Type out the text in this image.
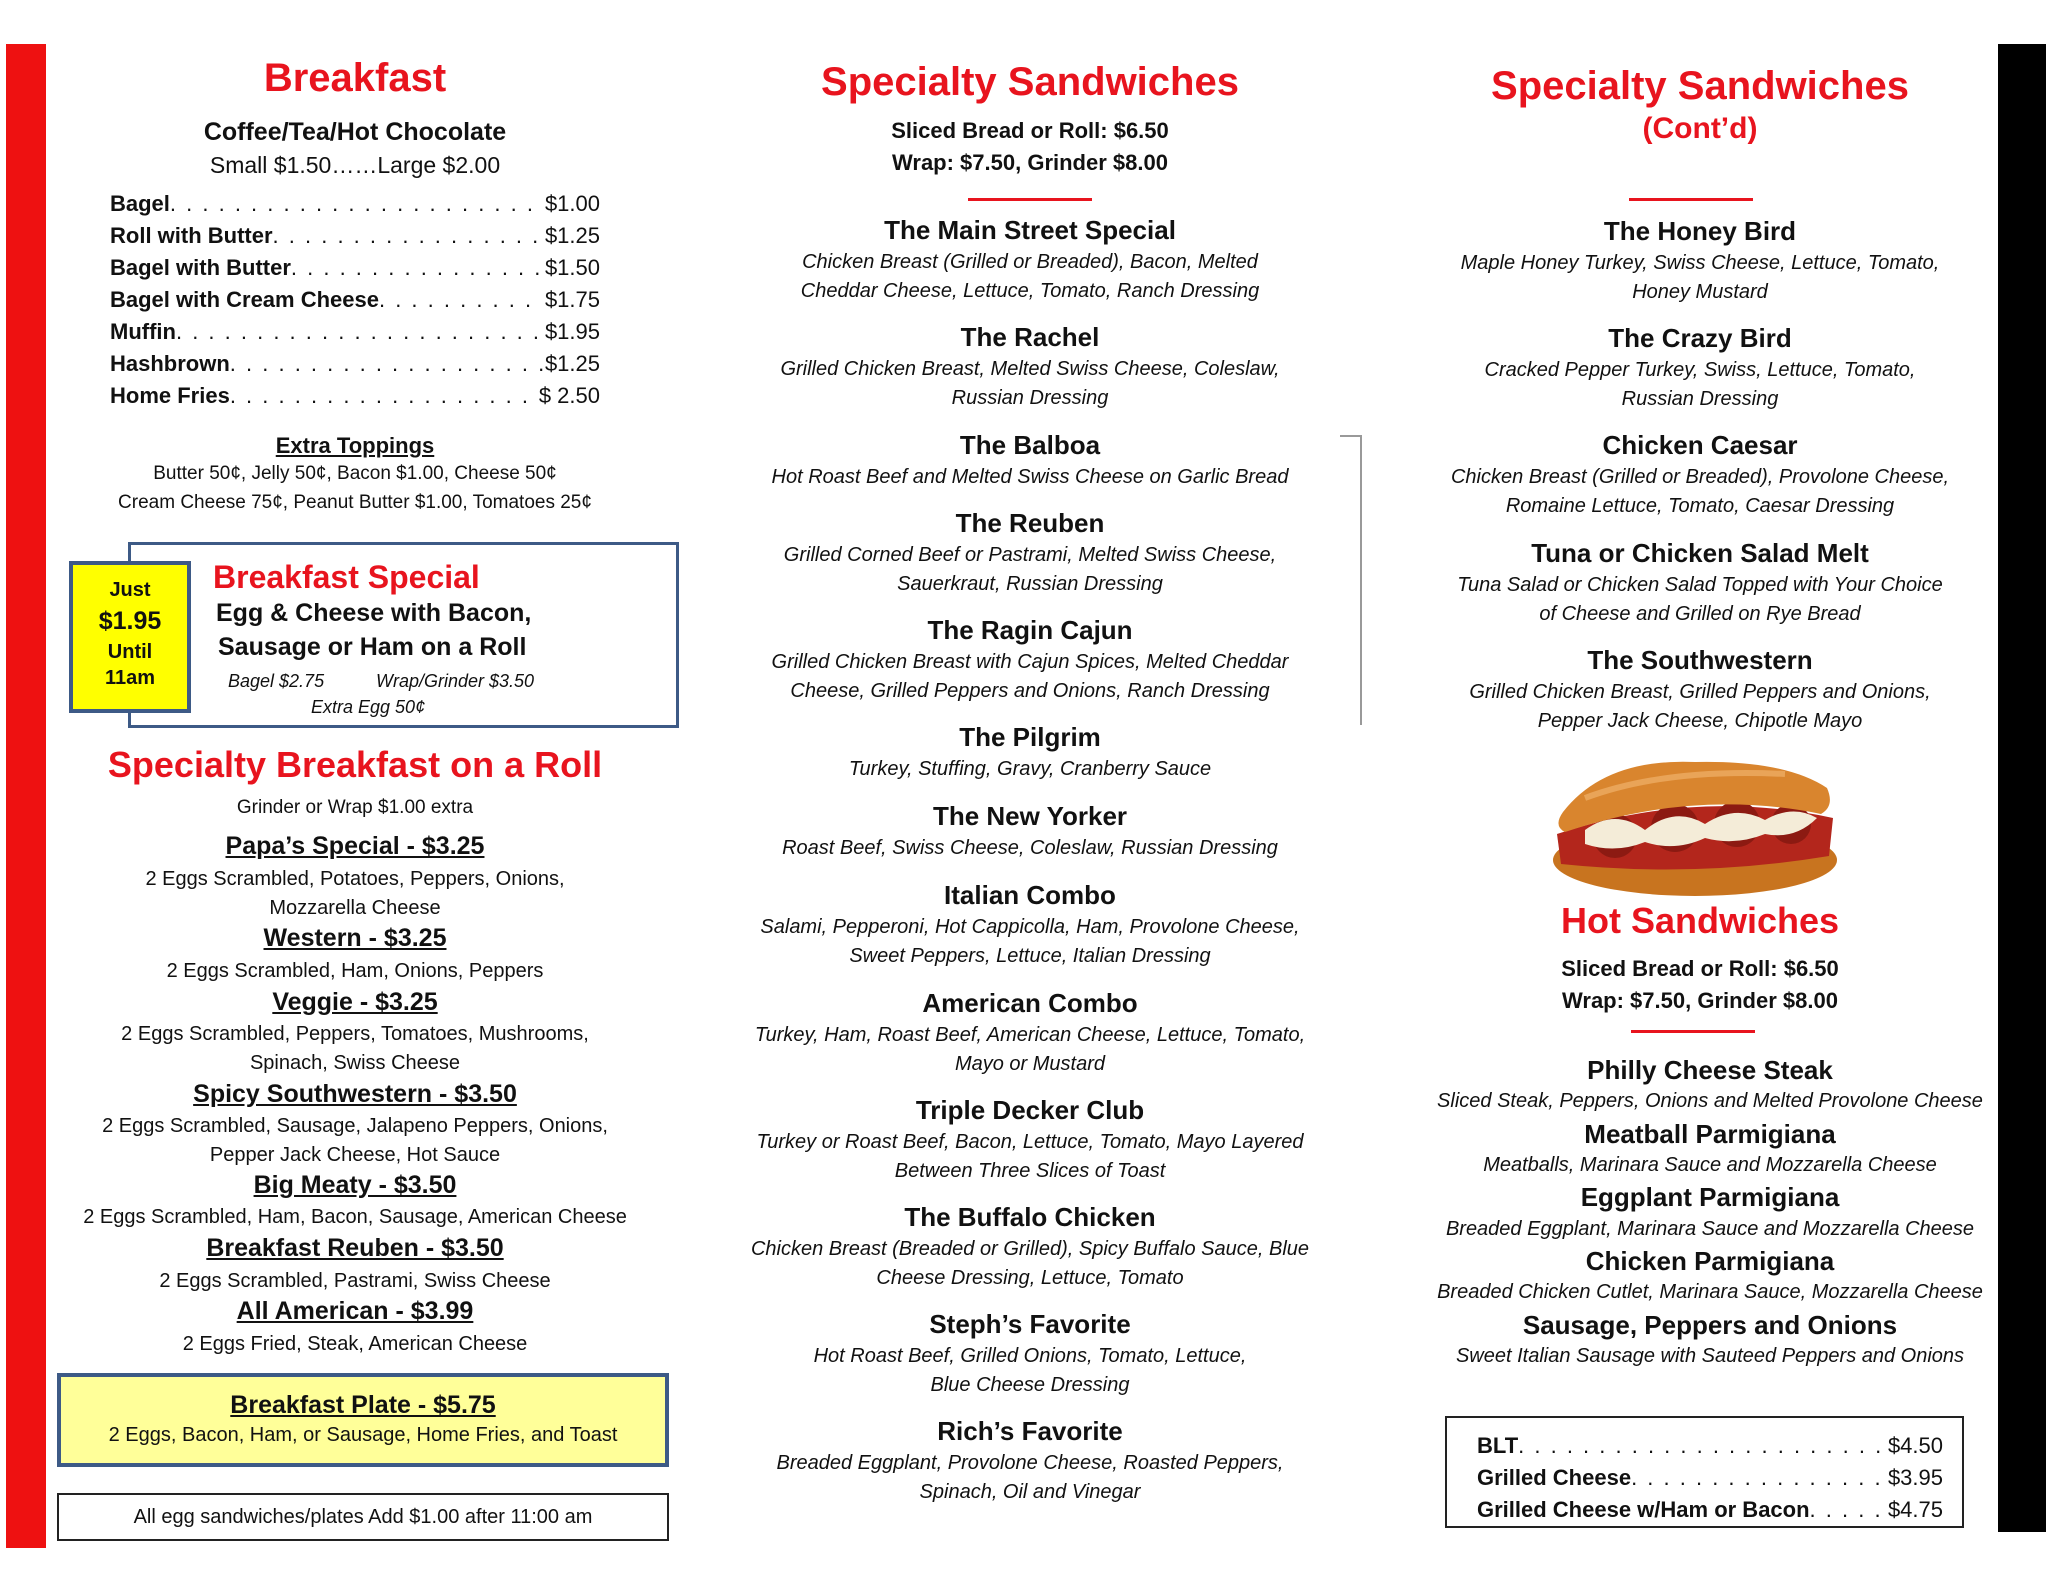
Breakfast
Coffee/Tea/Hot Chocolate
Small $1.50……Large $2.00
Bagel . . .	$1.00
Roll with Butter . . .	$1.25
Bagel with Butter . . .	$1.50
Bagel with Cream Cheese . . .	$1.75
Muffin . . .	$1.95
Hashbrown . . .	$1.25
Home Fries . . .	$ 2.50
Extra Toppings
Butter 50¢, Jelly 50¢, Bacon $1.00, Cheese 50¢
Cream Cheese 75¢, Peanut Butter $1.00, Tomatoes 25¢
Breakfast Special
Egg & Cheese with Bacon,
Sausage or Ham on a Roll
Bagel $2.75	Wrap/Grinder $3.50
Extra Egg 50¢
Just
$1.95
Until
11am
Specialty Breakfast on a Roll
Grinder or Wrap $1.00 extra
Papa’s Special - $3.25
2 Eggs Scrambled, Potatoes, Peppers, Onions,
Mozzarella Cheese
Western - $3.25
2 Eggs Scrambled, Ham, Onions, Peppers
Veggie - $3.25
2 Eggs Scrambled, Peppers, Tomatoes, Mushrooms,
Spinach, Swiss Cheese
Spicy Southwestern - $3.50
2 Eggs Scrambled, Sausage, Jalapeno Peppers, Onions,
Pepper Jack Cheese, Hot Sauce
Big Meaty - $3.50
2 Eggs Scrambled, Ham, Bacon, Sausage, American Cheese
Breakfast Reuben - $3.50
2 Eggs Scrambled, Pastrami, Swiss Cheese
All American - $3.99
2 Eggs Fried, Steak, American Cheese
Breakfast Plate - $5.75
2 Eggs, Bacon, Ham, or Sausage, Home Fries, and Toast
All egg sandwiches/plates Add $1.00 after 11:00 am
Specialty Sandwiches
Sliced Bread or Roll: $6.50
Wrap: $7.50, Grinder $8.00
The Main Street Special
Chicken Breast (Grilled or Breaded), Bacon, Melted
Cheddar Cheese, Lettuce, Tomato, Ranch Dressing
The Rachel
Grilled Chicken Breast, Melted Swiss Cheese, Coleslaw,
Russian Dressing
The Balboa
Hot Roast Beef and Melted Swiss Cheese on Garlic Bread
The Reuben
Grilled Corned Beef or Pastrami, Melted Swiss Cheese,
Sauerkraut, Russian Dressing
The Ragin Cajun
Grilled Chicken Breast with Cajun Spices, Melted Cheddar
Cheese, Grilled Peppers and Onions, Ranch Dressing
The Pilgrim
Turkey, Stuffing, Gravy, Cranberry Sauce
The New Yorker
Roast Beef, Swiss Cheese, Coleslaw, Russian Dressing
Italian Combo
Salami, Pepperoni, Hot Cappicolla, Ham, Provolone Cheese,
Sweet Peppers, Lettuce, Italian Dressing
American Combo
Turkey, Ham, Roast Beef, American Cheese, Lettuce, Tomato,
Mayo or Mustard
Triple Decker Club
Turkey or Roast Beef, Bacon, Lettuce, Tomato, Mayo Layered
Between Three Slices of Toast
The Buffalo Chicken
Chicken Breast (Breaded or Grilled), Spicy Buffalo Sauce, Blue
Cheese Dressing, Lettuce, Tomato
Steph’s Favorite
Hot Roast Beef, Grilled Onions, Tomato, Lettuce,
Blue Cheese Dressing
Rich’s Favorite
Breaded Eggplant, Provolone Cheese, Roasted Peppers,
Spinach, Oil and Vinegar
Specialty Sandwiches
(Cont’d)
The Honey Bird
Maple Honey Turkey, Swiss Cheese, Lettuce, Tomato,
Honey Mustard
The Crazy Bird
Cracked Pepper Turkey, Swiss, Lettuce, Tomato,
Russian Dressing
Chicken Caesar
Chicken Breast (Grilled or Breaded), Provolone Cheese,
Romaine Lettuce, Tomato, Caesar Dressing
Tuna or Chicken Salad Melt
Tuna Salad or Chicken Salad Topped with Your Choice
of Cheese and Grilled on Rye Bread
The Southwestern
Grilled Chicken Breast, Grilled Peppers and Onions,
Pepper Jack Cheese, Chipotle Mayo
Hot Sandwiches
Sliced Bread or Roll: $6.50
Wrap: $7.50, Grinder $8.00
Philly Cheese Steak
Sliced Steak, Peppers, Onions and Melted Provolone Cheese
Meatball Parmigiana
Meatballs, Marinara Sauce and Mozzarella Cheese
Eggplant Parmigiana
Breaded Eggplant, Marinara Sauce and Mozzarella Cheese
Chicken Parmigiana
Breaded Chicken Cutlet, Marinara Sauce, Mozzarella Cheese
Sausage, Peppers and Onions
Sweet Italian Sausage with Sauteed Peppers and Onions
BLT . . .	$4.50
Grilled Cheese . . .	$3.95
Grilled Cheese w/Ham or Bacon . . .	$4.75
